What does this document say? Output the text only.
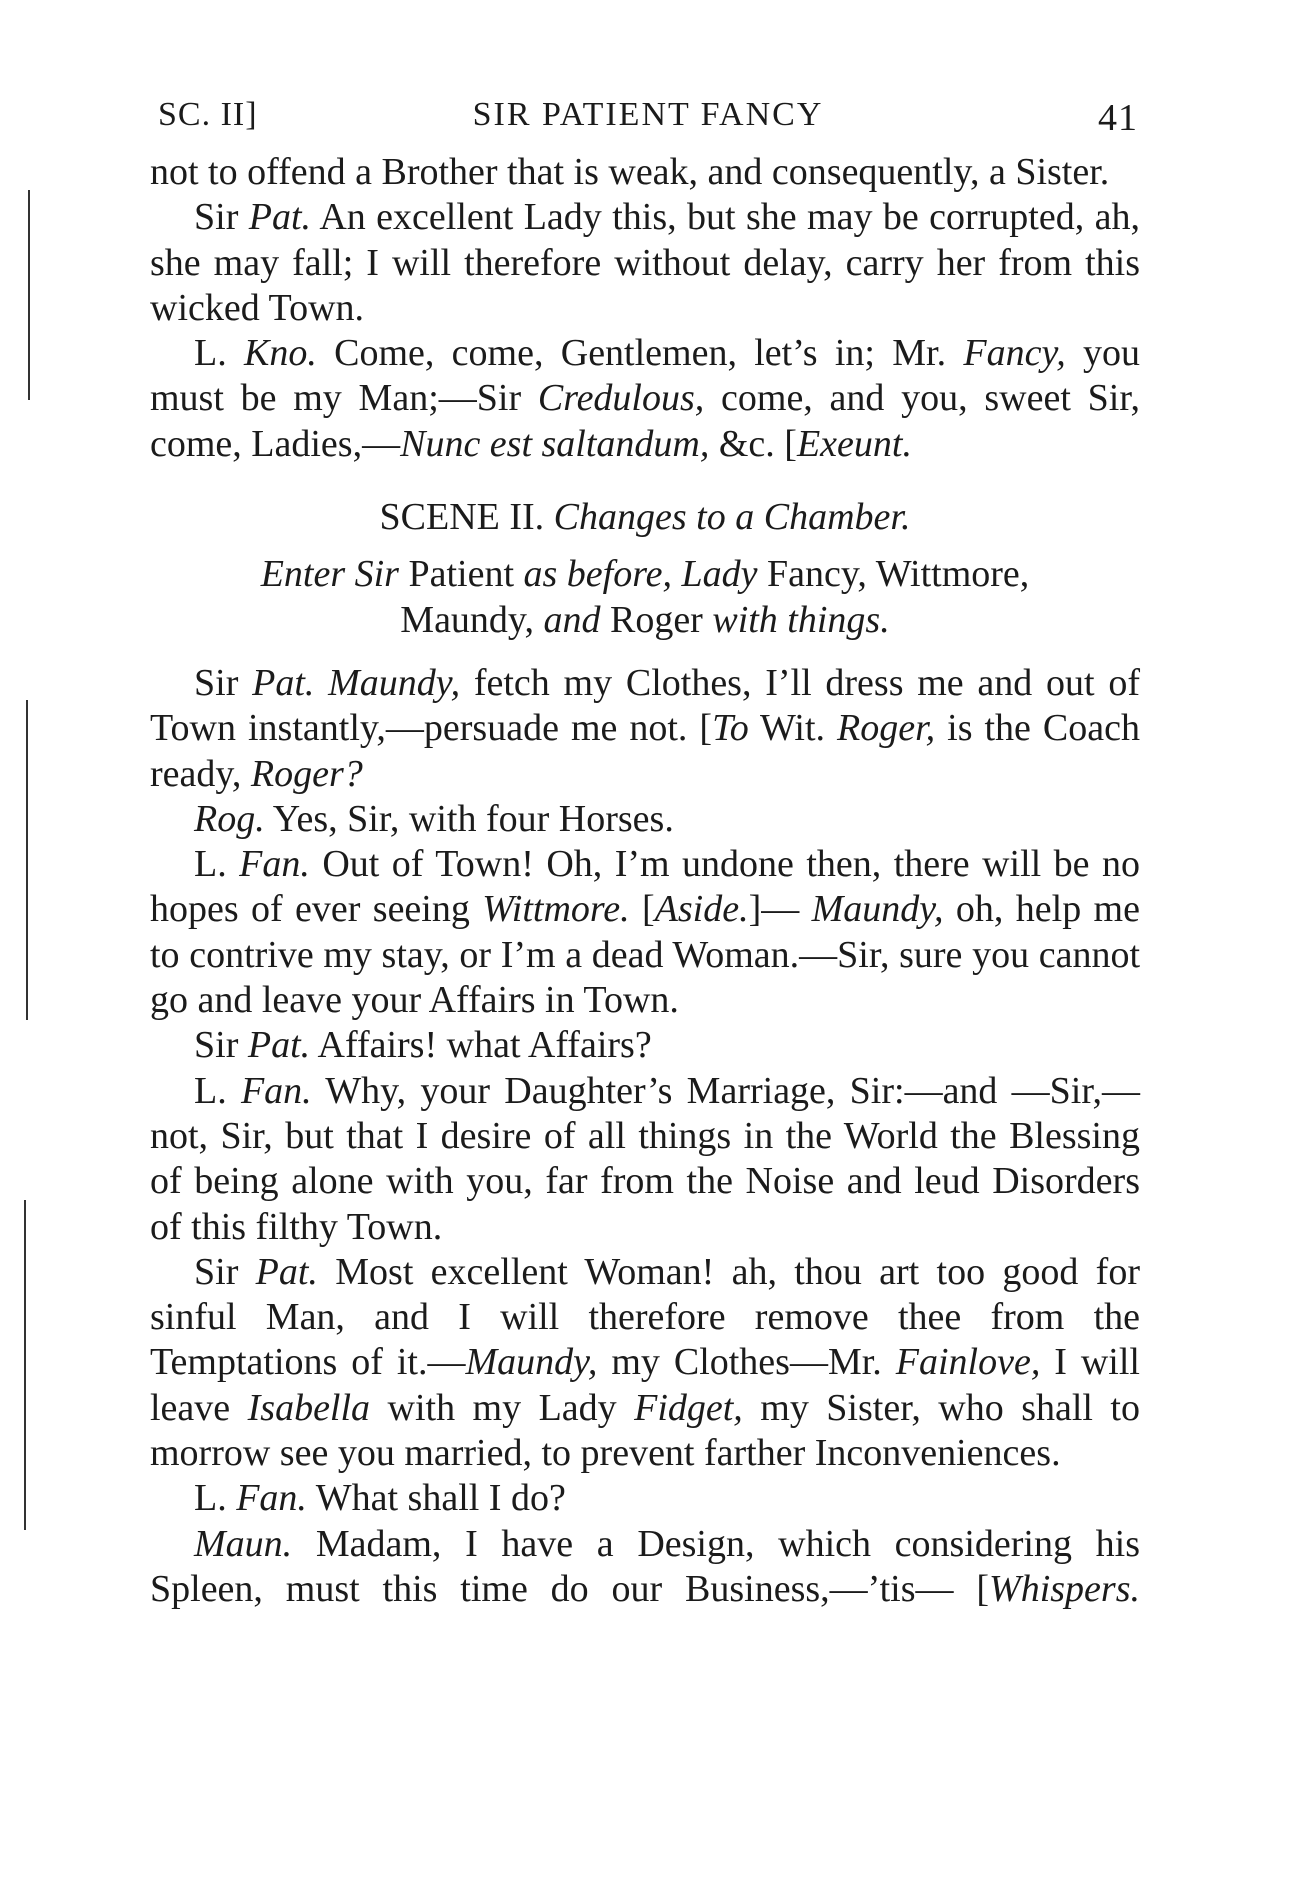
SC. II]	SIR PATIENT FANCY	41

not to offend a Brother that is weak, and consequently, a Sister.

Sir Pat. An excellent Lady this, but she may be corrupted, ah, she may fall; I will therefore without delay, carry her from this wicked Town.

L. Kno. Come, come, Gentlemen, let’s in; Mr. Fancy, you must be my Man;—Sir Credulous, come, and you, sweet Sir, come, Ladies,—Nunc est saltandum, &c. [Exeunt.

SCENE II. Changes to a Chamber.

Enter Sir Patient as before, Lady Fancy, Wittmore,
Maundy, and Roger with things.

Sir Pat. Maundy, fetch my Clothes, I’ll dress me and out of Town instantly,—persuade me not. [To Wit. Roger, is the Coach ready, Roger?

Rog. Yes, Sir, with four Horses.

L. Fan. Out of Town! Oh, I’m undone then, there will be no hopes of ever seeing Wittmore. [Aside.]— Maundy, oh, help me to contrive my stay, or I’m a dead Woman.—Sir, sure you cannot go and leave your Affairs in Town.

Sir Pat. Affairs! what Affairs?

L. Fan. Why, your Daughter’s Marriage, Sir:—and —Sir,—not, Sir, but that I desire of all things in the World the Blessing of being alone with you, far from the Noise and leud Disorders of this filthy Town.

Sir Pat. Most excellent Woman! ah, thou art too good for sinful Man, and I will therefore remove thee from the Temptations of it.—Maundy, my Clothes—Mr. Fainlove, I will leave Isabella with my Lady Fidget, my Sister, who shall to morrow see you married, to prevent farther Inconveniences.

L. Fan. What shall I do?

Maun. Madam, I have a Design, which considering his Spleen, must this time do our Business,—’tis— [Whispers.
